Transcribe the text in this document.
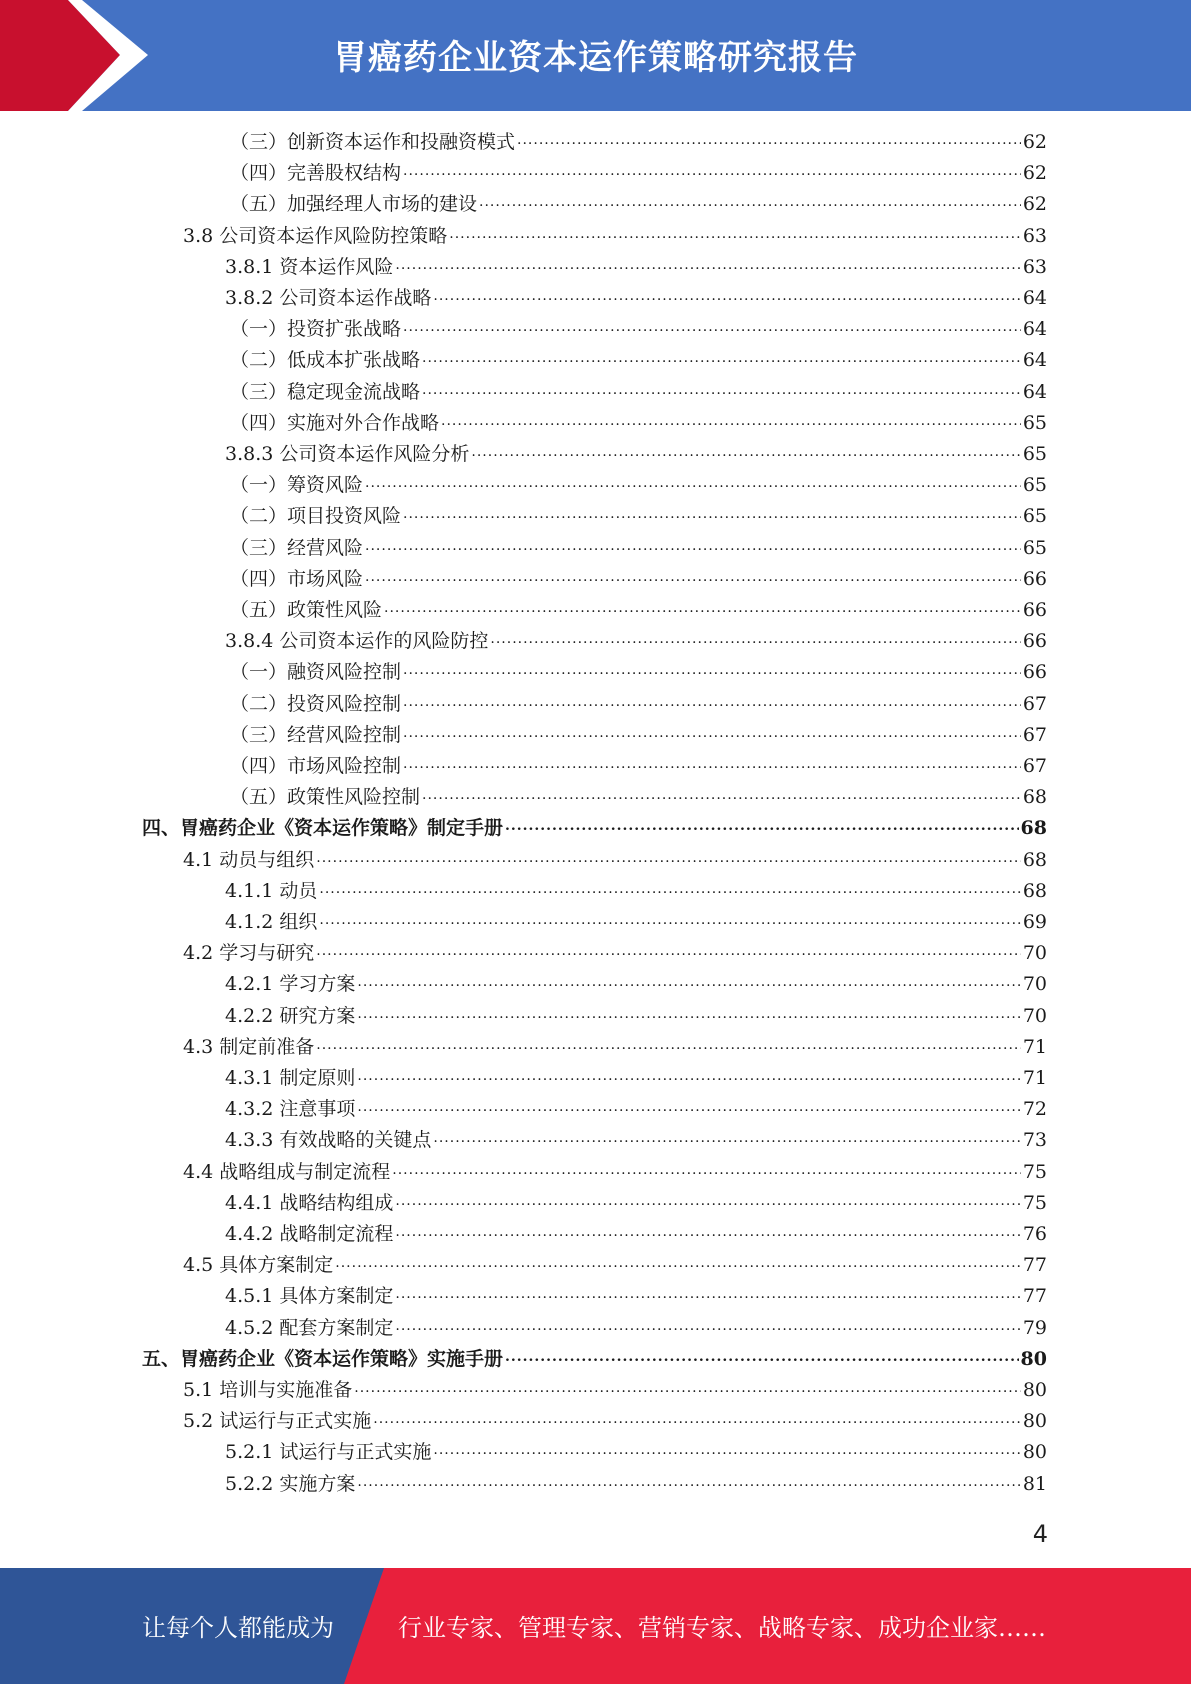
胃癌药企业资本运作策略研究报告
（三）创新资本运作和投融资模式 .....	62
（四）完善股权结构 .....	62
（五）加强经理人市场的建设 .....	62
3.8 公司资本运作风险防控策略 .....	63
3.8.1 资本运作风险 .....	63
3.8.2 公司资本运作战略 .....	64
（一）投资扩张战略 .....	64
（二）低成本扩张战略 .....	64
（三）稳定现金流战略 .....	64
（四）实施对外合作战略 .....	65
3.8.3 公司资本运作风险分析 .....	65
（一）筹资风险 .....	65
（二）项目投资风险 .....	65
（三）经营风险 .....	65
（四）市场风险 .....	66
（五）政策性风险 .....	66
3.8.4 公司资本运作的风险防控 .....	66
（一）融资风险控制 .....	66
（二）投资风险控制 .....	67
（三）经营风险控制 .....	67
（四）市场风险控制 .....	67
（五）政策性风险控制 .....	68
四、胃癌药企业《资本运作策略》制定手册 .....	68
4.1 动员与组织 .....	68
4.1.1 动员 .....	68
4.1.2 组织 .....	69
4.2 学习与研究 .....	70
4.2.1 学习方案 .....	70
4.2.2 研究方案 .....	70
4.3 制定前准备 .....	71
4.3.1 制定原则 .....	71
4.3.2 注意事项 .....	72
4.3.3 有效战略的关键点 .....	73
4.4 战略组成与制定流程 .....	75
4.4.1 战略结构组成 .....	75
4.4.2 战略制定流程 .....	76
4.5 具体方案制定 .....	77
4.5.1 具体方案制定 .....	77
4.5.2 配套方案制定 .....	79
五、胃癌药企业《资本运作策略》实施手册 .....	80
5.1 培训与实施准备 .....	80
5.2 试运行与正式实施 .....	80
5.2.1 试运行与正式实施 .....	80
5.2.2 实施方案 .....	81
4
让每个人都能成为	行业专家、管理专家、营销专家、战略专家、成功企业家……
